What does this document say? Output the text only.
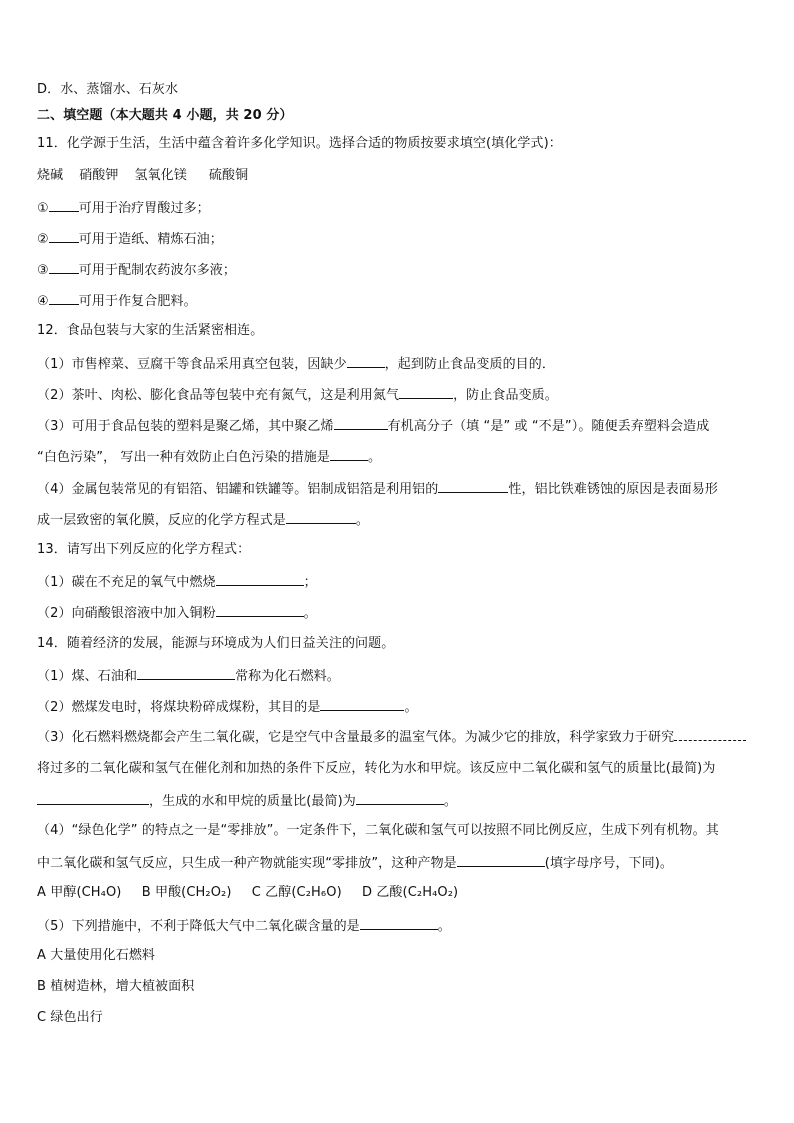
D．水、蒸馏水、石灰水
二、填空题（本大题共 4 小题，共 20 分）
11．化学源于生活，生活中蕴含着许多化学知识。选择合适的物质按要求填空(填化学式)：
烧碱 硝酸钾 氢氧化镁 硫酸铜
① 可用于治疗胃酸过多；
② 可用于造纸、精炼石油；
③ 可用于配制农药波尔多液；
④ 可用于作复合肥料。
12．食品包装与大家的生活紧密相连。
（1）市售榨菜、豆腐干等食品采用真空包装，因缺少	，起到防止食品变质的目的．
（2）茶叶、肉松、膨化食品等包装中充有氮气，这是利用氮气	，防止食品变质。
（3）可用于食品包装的塑料是聚乙烯，其中聚乙烯	有机高分子（填 “是” 或 “不是”）。随便丢弃塑料会造成
“白色污染”， 写出一种有效防止白色污染的措施是	。
（4）金属包装常见的有铝箔、铝罐和铁罐等。铝制成铝箔是利用铝的	性，铝比铁难锈蚀的原因是表面易形
成一层致密的氧化膜，反应的化学方程式是	。
13．请写出下列反应的化学方程式：
（1）碳在不充足的氧气中燃烧	；
（2）向硝酸银溶液中加入铜粉	。
14．随着经济的发展，能源与环境成为人们日益关注的问题。
（1）煤、石油和	常称为化石燃料。
（2）燃煤发电时，将煤块粉碎成煤粉，其目的是	。
（3）化石燃料燃烧都会产生二氧化碳，它是空气中含量最多的温室气体。为减少它的排放，科学家致力于研究
将过多的二氧化碳和氢气在催化剂和加热的条件下反应，转化为水和甲烷。该反应中二氧化碳和氢气的质量比(最简)为
，生成的水和甲烷的质量比(最简)为	。
（4）“绿色化学” 的特点之一是“零排放”。一定条件下，二氧化碳和氢气可以按照不同比例反应，生成下列有机物。其
中二氧化碳和氢气反应，只生成一种产物就能实现“零排放”，这种产物是	(填字母序号，下同)。
A 甲醇(CH₄O) B 甲酸(CH₂O₂) C 乙醇(C₂H₆O) D 乙酸(C₂H₄O₂)
（5）下列措施中，不利于降低大气中二氧化碳含量的是	。
A 大量使用化石燃料
B 植树造林，增大植被面积
C 绿色出行
